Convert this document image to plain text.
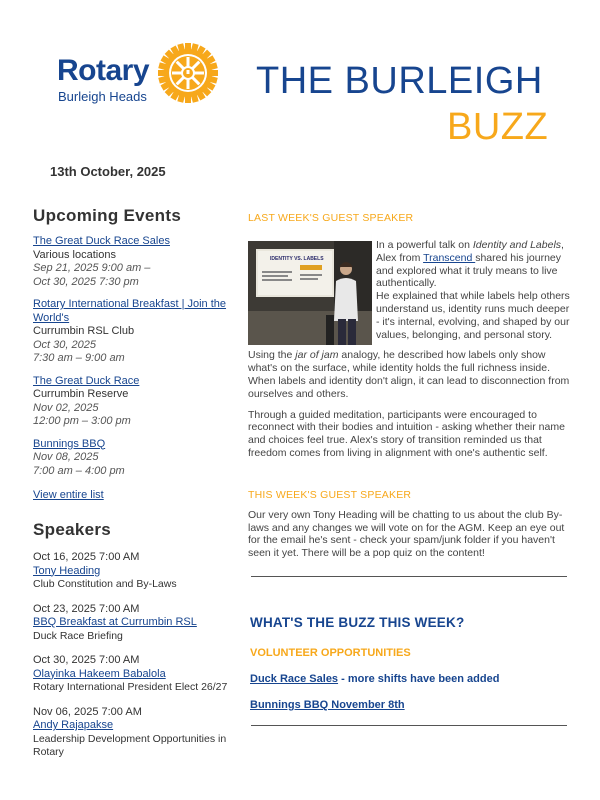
Rotary
Burleigh Heads	THE BURLEIGH
BUZZ
13th October, 2025
Upcoming Events
The Great Duck Race Sales
Various locations
Sep 21, 2025 9:00 am –
Oct 30, 2025 7:30 pm
Rotary International Breakfast | Join the World's
Currumbin RSL Club
Oct 30, 2025
7:30 am – 9:00 am
The Great Duck Race
Currumbin Reserve
Nov 02, 2025
12:00 pm – 3:00 pm
Bunnings BBQ
Nov 08, 2025
7:00 am – 4:00 pm
View entire list
Speakers
Oct 16, 2025 7:00 AM
Tony Heading
Club Constitution and By-Laws
Oct 23, 2025 7:00 AM
BBQ Breakfast at Currumbin RSL
Duck Race Briefing
Oct 30, 2025 7:00 AM
Olayinka Hakeem Babalola
Rotary International President Elect 26/27
Nov 06, 2025 7:00 AM
Andy Rajapakse
Leadership Development Opportunities in Rotary
LAST WEEK'S GUEST SPEAKER
IDENTITY VS. LABELS
In a powerful talk on Identity and Labels, Alex from Transcend shared his journey and explored what it truly means to live authentically.
He explained that while labels help others understand us, identity runs much deeper - it's internal, evolving, and shaped by our values, belonging, and personal story.
Using the jar of jam analogy, he described how labels only show what's on the surface, while identity holds the full richness inside. When labels and identity don't align, it can lead to disconnection from ourselves and others.
Through a guided meditation, participants were encouraged to reconnect with their bodies and intuition - asking whether their name and choices feel true. Alex's story of transition reminded us that freedom comes from living in alignment with one's authentic self.
THIS WEEK'S GUEST SPEAKER
Our very own Tony Heading will be chatting to us about the club By-laws and any changes we will vote on for the AGM. Keep an eye out for the email he's sent - check your spam/junk folder if you haven't seen it yet. There will be a pop quiz on the content!
WHAT'S THE BUZZ THIS WEEK?
VOLUNTEER OPPORTUNITIES
Duck Race Sales - more shifts have been added
Bunnings BBQ November 8th
